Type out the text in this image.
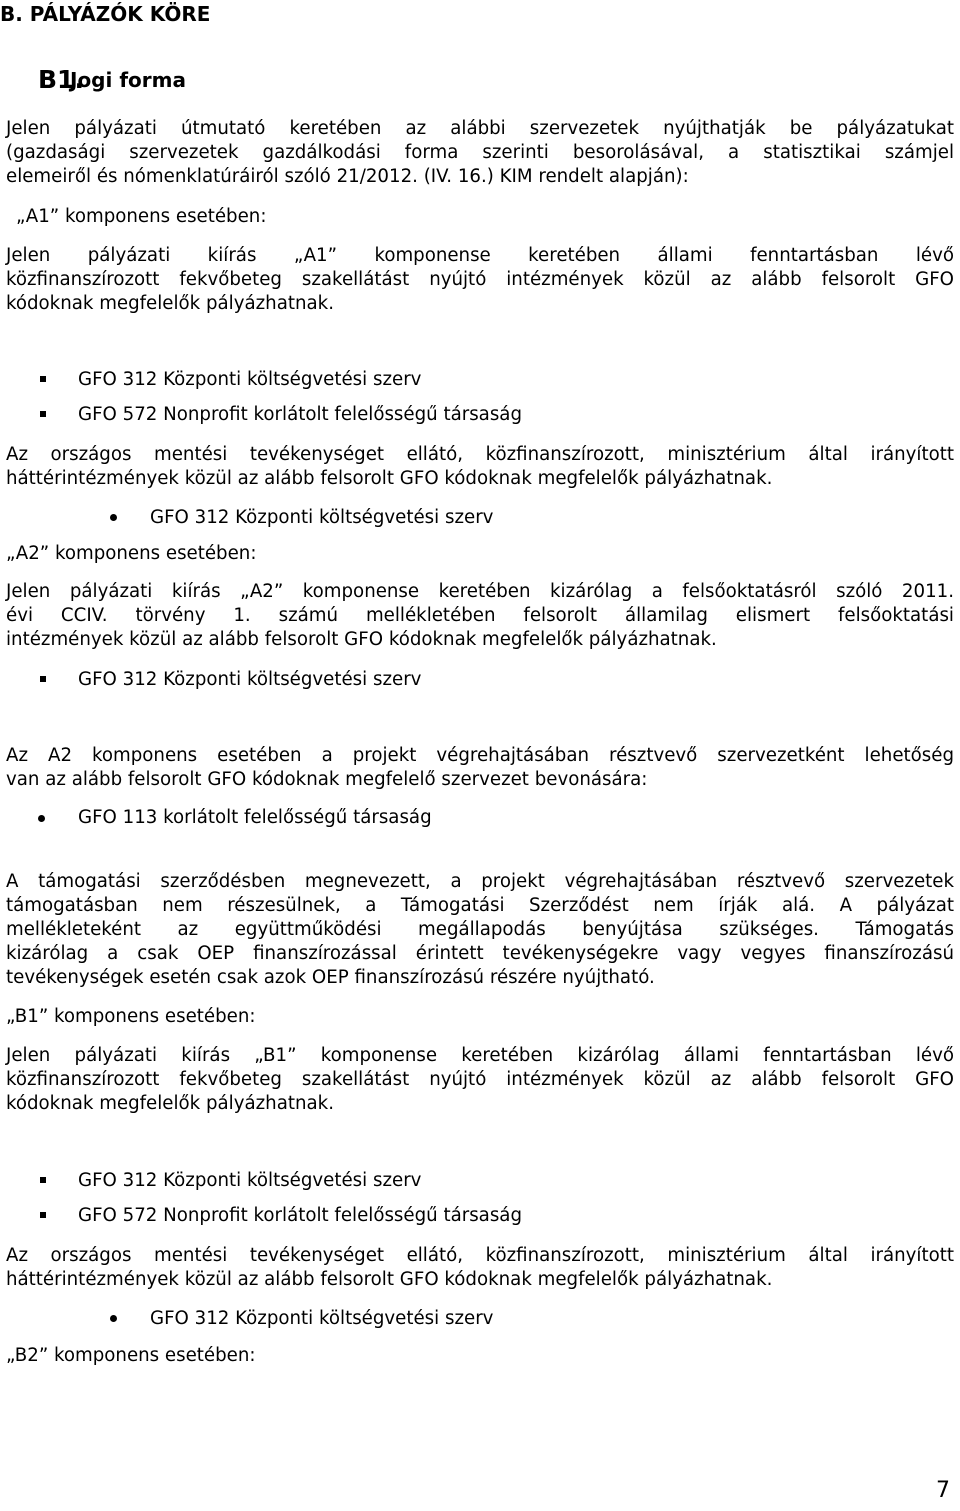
B. PÁLYÁZÓK KÖRE
B1.
Jogi forma
Jelen pályázati útmutató keretében az alábbi szervezetek nyújthatják be pályázatukat
(gazdasági szervezetek gazdálkodási forma szerinti besorolásával, a statisztikai számjel
elemeiről és nómenklatúráiról szóló 21/2012. (IV. 16.) KIM rendelt alapján):
„A1” komponens esetében:
Jelen pályázati kiírás „A1” komponense keretében állami fenntartásban lévő
közfinanszírozott fekvőbeteg szakellátást nyújtó intézmények közül az alább felsorolt GFO
kódoknak megfelelők pályázhatnak.
GFO 312 Központi költségvetési szerv
GFO 572 Nonprofit korlátolt felelősségű társaság
Az országos mentési tevékenységet ellátó, közfinanszírozott, minisztérium által irányított
háttérintézmények közül az alább felsorolt GFO kódoknak megfelelők pályázhatnak.
GFO 312 Központi költségvetési szerv
„A2” komponens esetében:
Jelen pályázati kiírás „A2” komponense keretében kizárólag a felsőoktatásról szóló 2011.
évi CCIV. törvény 1. számú mellékletében felsorolt államilag elismert felsőoktatási
intézmények közül az alább felsorolt GFO kódoknak megfelelők pályázhatnak.
GFO 312 Központi költségvetési szerv
Az A2 komponens esetében a projekt végrehajtásában résztvevő szervezetként lehetőség
van az alább felsorolt GFO kódoknak megfelelő szervezet bevonására:
GFO 113 korlátolt felelősségű társaság
A támogatási szerződésben megnevezett, a projekt végrehajtásában résztvevő szervezetek
támogatásban nem részesülnek, a Támogatási Szerződést nem írják alá. A pályázat
mellékleteként az együttműködési megállapodás benyújtása szükséges. Támogatás
kizárólag a csak OEP finanszírozással érintett tevékenységekre vagy vegyes finanszírozású
tevékenységek esetén csak azok OEP finanszírozású részére nyújtható.
„B1” komponens esetében:
Jelen pályázati kiírás „B1” komponense keretében kizárólag állami fenntartásban lévő
közfinanszírozott fekvőbeteg szakellátást nyújtó intézmények közül az alább felsorolt GFO
kódoknak megfelelők pályázhatnak.
GFO 312 Központi költségvetési szerv
GFO 572 Nonprofit korlátolt felelősségű társaság
Az országos mentési tevékenységet ellátó, közfinanszírozott, minisztérium által irányított
háttérintézmények közül az alább felsorolt GFO kódoknak megfelelők pályázhatnak.
GFO 312 Központi költségvetési szerv
„B2” komponens esetében:
7
